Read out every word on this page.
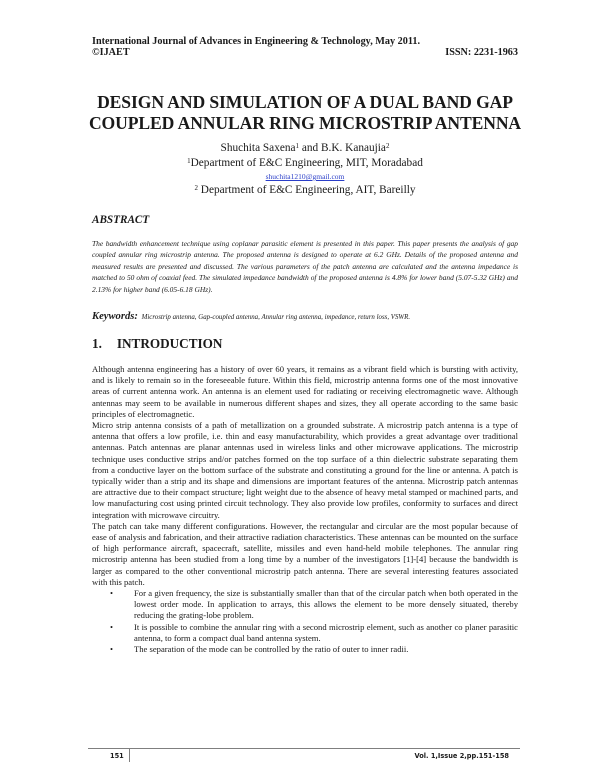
International Journal of Advances in Engineering & Technology, May 2011.
©IJAET	ISSN: 2231-1963
DESIGN AND SIMULATION OF A DUAL BAND GAP
COUPLED ANNULAR RING MICROSTRIP ANTENNA
Shuchita Saxena$^1$ and B.K. Kanaujia$^2$
$^1$Department of E&C Engineering, MIT, Moradabad
shuchita1210@gmail.com
$^2$ Department of E&C Engineering, AIT, Bareilly
ABSTRACT
The bandwidth enhancement technique using coplanar parasitic element is presented in this paper. This paper presents the analysis of gap coupled annular ring microstrip antenna. The proposed antenna is designed to operate at 6.2 GHz. Details of the proposed antenna and measured results are presented and discussed. The various parameters of the patch antenna are calculated and the antenna impedance is matched to 50 ohm of coaxial feed. The simulated impedance bandwidth of the proposed antenna is 4.8% for lower band (5.07-5.32 GHz) and 2.13% for higher band (6.05-6.18 GHz).
Keywords: Microstrip antenna, Gap-coupled antenna, Annular ring antenna, impedance, return loss, VSWR.
1. INTRODUCTION

Although antenna engineering has a history of over 60 years, it remains as a vibrant field which is bursting with activity, and is likely to remain so in the foreseeable future. Within this field, microstrip antenna forms one of the most innovative areas of current antenna work. An antenna is an element used for radiating or receiving electromagnetic wave. Although antennas may seem to be available in numerous different shapes and sizes, they all operate according to the same basic principles of electromagnetic.

Micro strip antenna consists of a path of metallization on a grounded substrate. A microstrip patch antenna is a type of antenna that offers a low profile, i.e. thin and easy manufacturability, which provides a great advantage over traditional antennas. Patch antennas are planar antennas used in wireless links and other microwave applications. The microstrip technique uses conductive strips and/or patches formed on the top surface of a thin dielectric substrate separating them from a conductive layer on the bottom surface of the substrate and constituting a ground for the line or antenna. A patch is typically wider than a strip and its shape and dimensions are important features of the antenna. Microstrip patch antennas are attractive due to their compact structure; light weight due to the absence of heavy metal stamped or machined parts, and low manufacturing cost using printed circuit technology. They also provide low profiles, conformity to surfaces and direct integration with microwave circuitry.

The patch can take many different configurations. However, the rectangular and circular are the most popular because of ease of analysis and fabrication, and their attractive radiation characteristics. These antennas can be mounted on the surface of high performance aircraft, spacecraft, satellite, missiles and even hand-held mobile telephones. The annular ring microstrip antenna has been studied from a long time by a number of the investigators [1]-[4] because the bandwidth is larger as compared to the other conventional microstrip patch antenna. There are several interesting features associated with this patch.

• For a given frequency, the size is substantially smaller than that of the circular patch when both operated in the lowest order mode. In application to arrays, this allows the element to be more densely situated, thereby reducing the grating-lobe problem.
• It is possible to combine the annular ring with a second microstrip element, such as another co planer parasitic antenna, to form a compact dual band antenna system.
• The separation of the mode can be controlled by the ratio of outer to inner radii.
151	Vol. 1,Issue 2,pp.151-158
